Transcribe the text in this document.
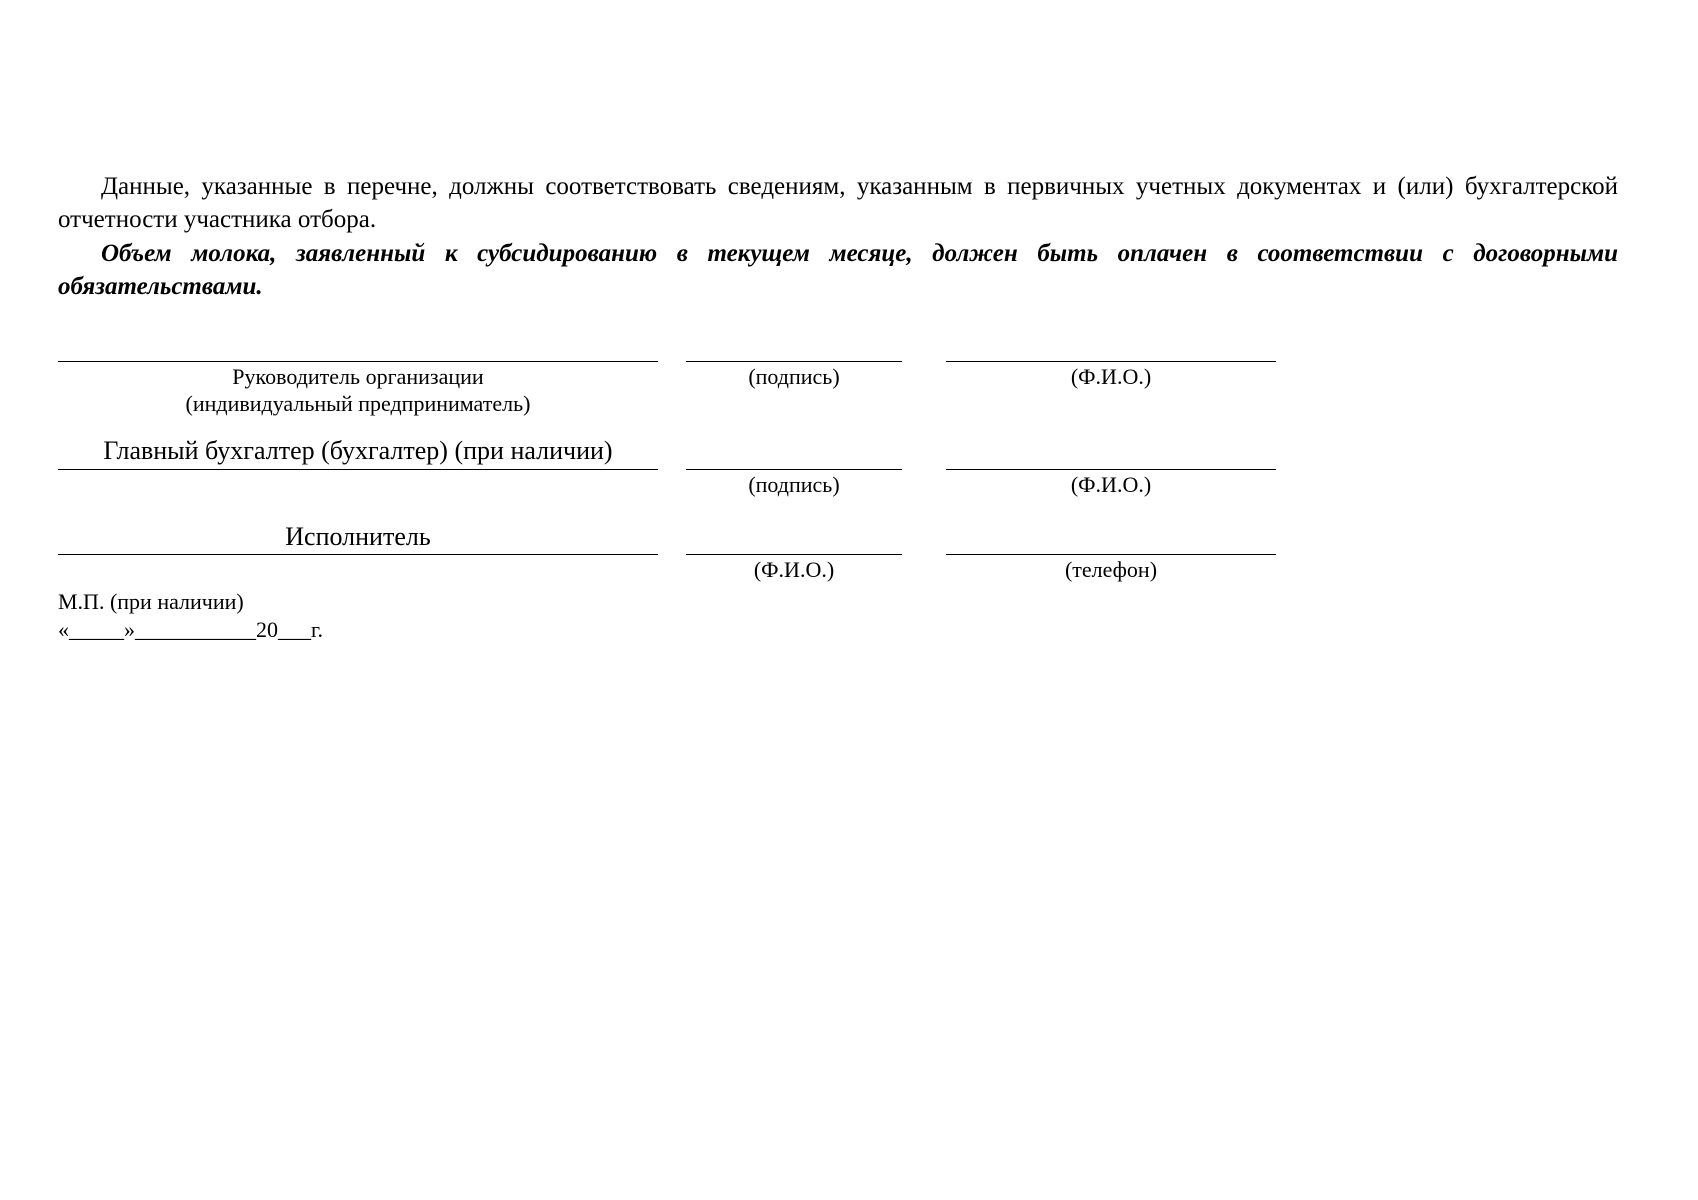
Данные, указанные в перечне, должны соответствовать сведениям, указанным в первичных учетных документах и (или) бухгалтерской отчетности участника отбора.

Объем молока, заявленный к субсидированию в текущем месяце, должен быть оплачен в соответствии с договорными обязательствами.

Руководитель организации
(индивидуальный предприниматель)
(подпись)	(Ф.И.О.)
Главный бухгалтер (бухгалтер) (при наличии)
(подпись)	(Ф.И.О.)
Исполнитель
(Ф.И.О.)	(телефон)
М.П. (при наличии)
«_____»___________20___г.
